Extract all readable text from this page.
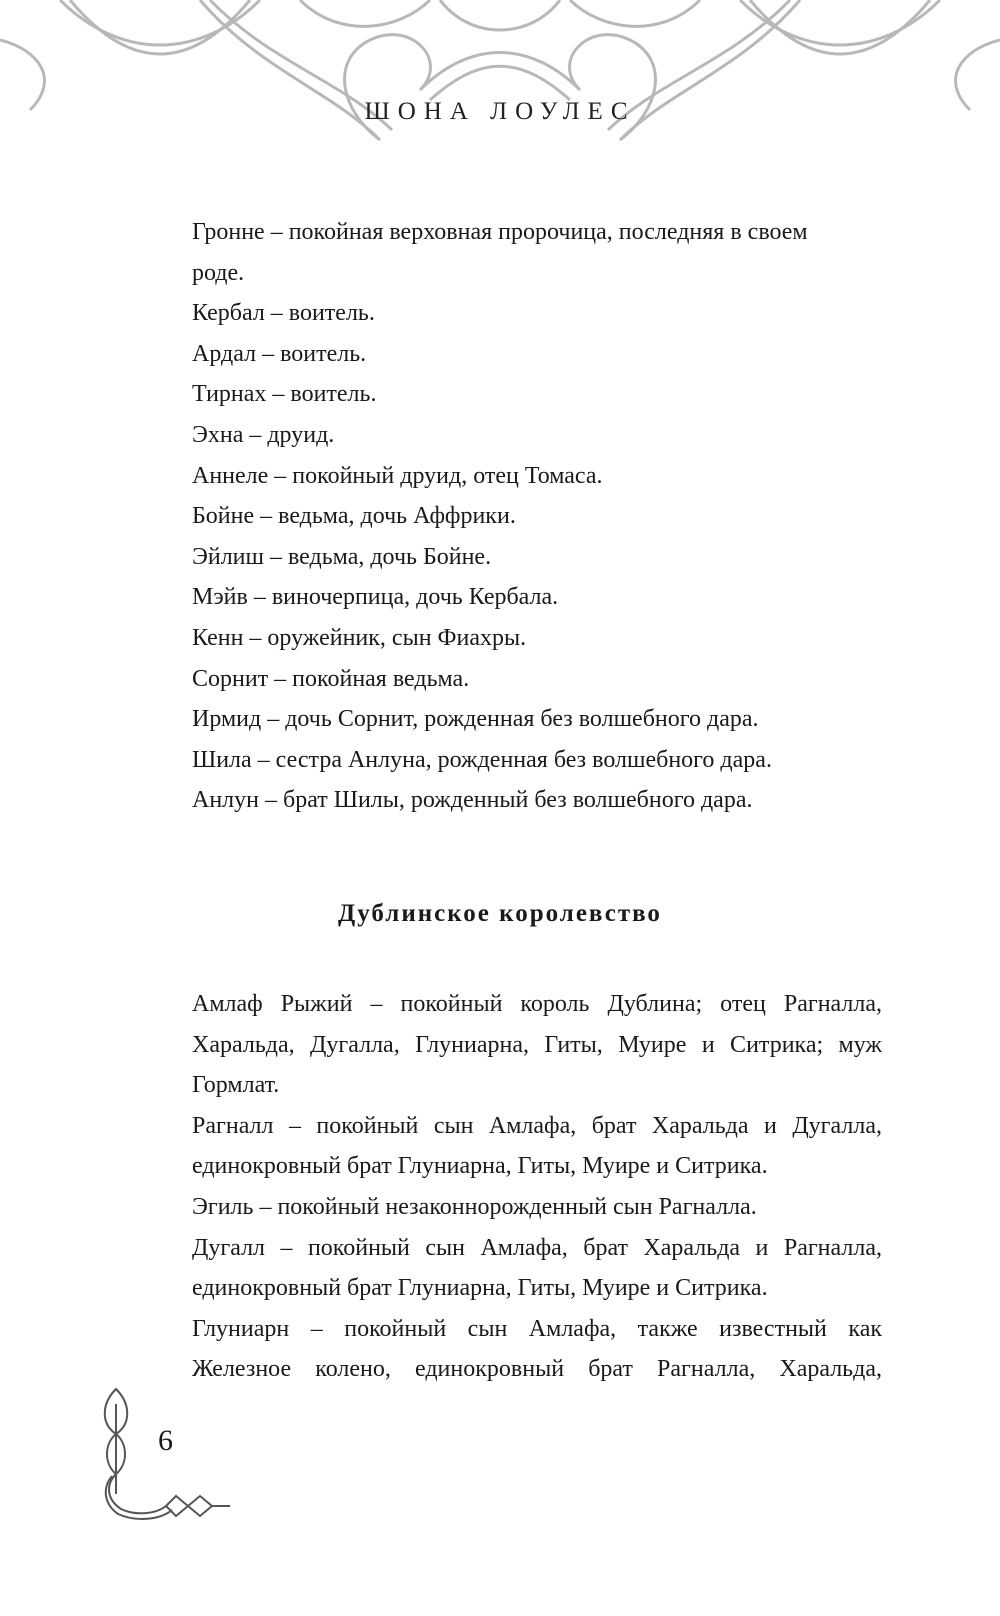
ШОНА ЛОУЛЕС

Гронне – покойная верховная пророчица, последняя в своем

роде.

Кербал – воитель.

Ардал – воитель.

Тирнах – воитель.

Эхна – друид.

Аннеле – покойный друид, отец Томаса.

Бойне – ведьма, дочь Аффрики.

Эйлиш – ведьма, дочь Бойне.

Мэйв – виночерпица, дочь Кербала.

Кенн – оружейник, сын Фиахры.

Сорнит – покойная ведьма.

Ирмид – дочь Сорнит, рожденная без волшебного дара.

Шила – сестра Анлуна, рожденная без волшебного дара.

Анлун – брат Шилы, рожденный без волшебного дара.

Дублинское королевство

Амлаф Рыжий – покойный король Дублина; отец Рагналла,

Харальда, Дугалла, Глуниарна, Гиты, Муире и Ситрика; муж

Гормлат.

Рагналл – покойный сын Амлафа, брат Харальда и Дугалла,

единокровный брат Глуниарна, Гиты, Муире и Ситрика.

Эгиль – покойный незаконнорожденный сын Рагналла.

Дугалл – покойный сын Амлафа, брат Харальда и Рагналла,

единокровный брат Глуниарна, Гиты, Муире и Ситрика.

Глуниарн – покойный сын Амлафа, также известный как

Железное колено, единокровный брат Рагналла, Харальда,

6
